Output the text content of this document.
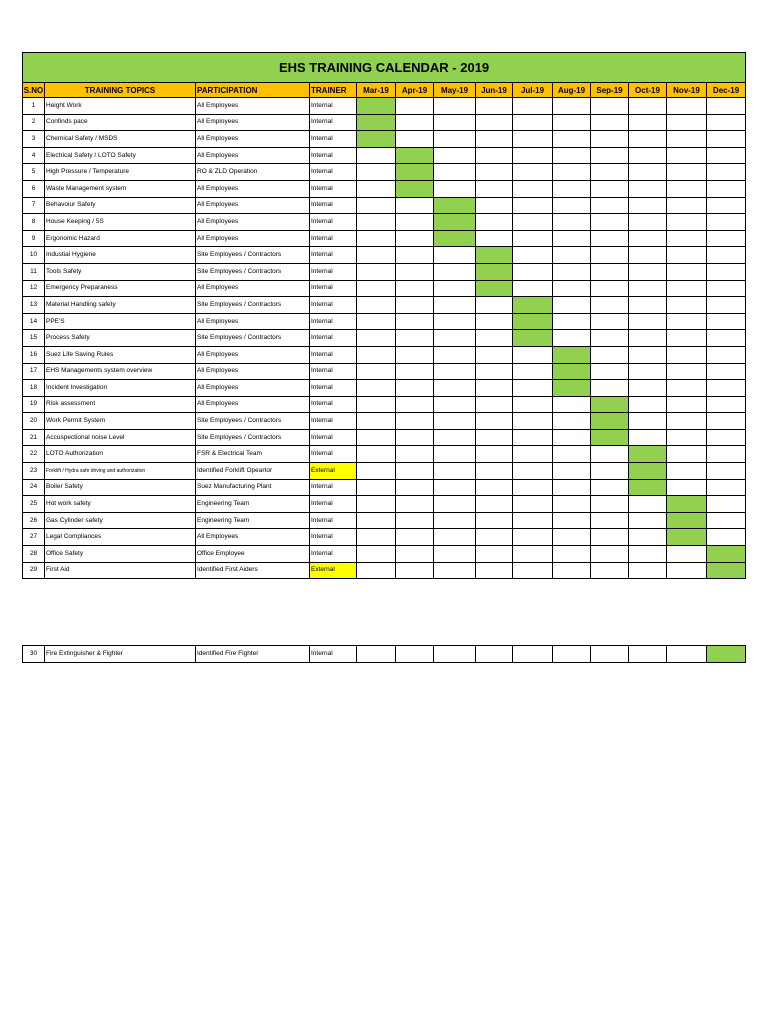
EHS TRAINING CALENDAR - 2019													
S.NO	TRAINING TOPICS	PARTICIPATION	TRAINER	Mar-19	Apr-19	May-19	Jun-19	Jul-19	Aug-19	Sep-19	Oct-19	Nov-19	Dec-19
1	Height Work	All Employees	Internal										
2	Confinds pace	All Employees	Internal										
3	Chemical Safety / MSDS	All Employees	Internal										
4	Electrical Safety / LOTO Safety	All Employees	Internal										
5	High Pressure / Temperature	RO & ZLD Operation	Internal										
6	Waste Management system	All Employees	Internal										
7	Behavoiur Safety	All Employees	Internal										
8	House Keeping / 5S	All Employees	Internal										
9	Ergonomic Hazard	All Employees	Internal										
10	Industial Hygiene	Site Employees / Contractors	Internal										
11	Tools Safety	Site Employees / Contractors	Internal										
12	Emergency Preparaness	All Employees	Internal										
13	Material Handling safety	Site Employees / Contractors	Internal										
14	PPE'S	All Employees	Internal										
15	Process Safety	Site Employees / Contractors	Internal										
16	Suez Life Saving Rules	All Employees	Internal										
17	EHS Managements system overview	All Employees	Internal										
18	Incident Investigation	All Employees	Internal										
19	Risk assessment	All Employees	Internal										
20	Work Permit System	Site Employees / Contractors	Internal										
21	Accuspectional noise Level	Site Employees / Contractors	Internal										
22	LOTO Authorization	FSR & Electrical Team	Internal										
23	Forklift / Hydra safe driving and authorization	Identified Forklift Opeartor	External										
24	Boiler Safety	Suez Manufacturing Plant	Internal										
25	Hot work safety	Engineering Team	Internal										
26	Gas Cylinder safety	Engineering Team	Internal										
27	Legal Compliances	All Employees	Internal										
28	Office Safety	Office Employee	Internal										
29	First Aid	Identified First Aiders	External										
30	Fire Extinguisher & Fighter	Identified Fire Fighter	Internal										
